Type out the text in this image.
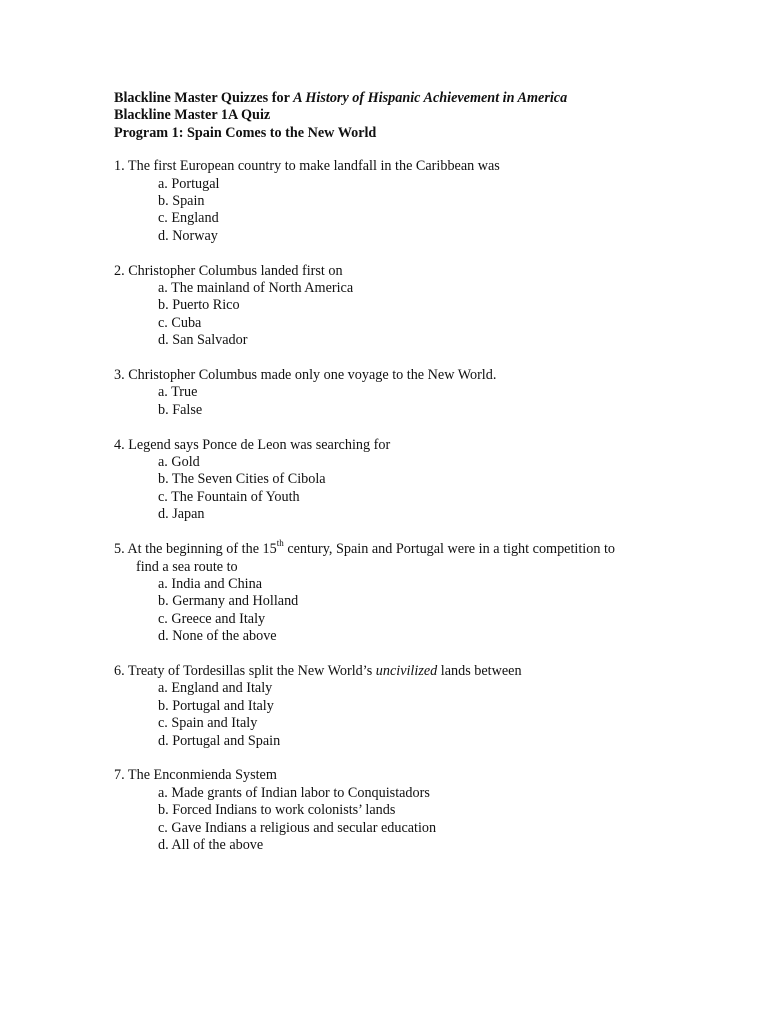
Blackline Master Quizzes for A History of Hispanic Achievement in America
Blackline Master 1A Quiz
Program 1: Spain Comes to the New World
1. The first European country to make landfall in the Caribbean was
a. Portugal
b. Spain
c. England
d. Norway
2. Christopher Columbus landed first on
a. The mainland of North America
b. Puerto Rico
c. Cuba
d. San Salvador
3. Christopher Columbus made only one voyage to the New World.
a. True
b. False
4. Legend says Ponce de Leon was searching for
a. Gold
b. The Seven Cities of Cibola
c. The Fountain of Youth
d. Japan
5. At the beginning of the 15th century, Spain and Portugal were in a tight competition to
find a sea route to
a. India and China
b. Germany and Holland
c. Greece and Italy
d. None of the above
6. Treaty of Tordesillas split the New World’s uncivilized lands between
a. England and Italy
b. Portugal and Italy
c. Spain and Italy
d. Portugal and Spain
7. The Enconmienda System
a. Made grants of Indian labor to Conquistadors
b. Forced Indians to work colonists’ lands
c. Gave Indians a religious and secular education
d. All of the above
